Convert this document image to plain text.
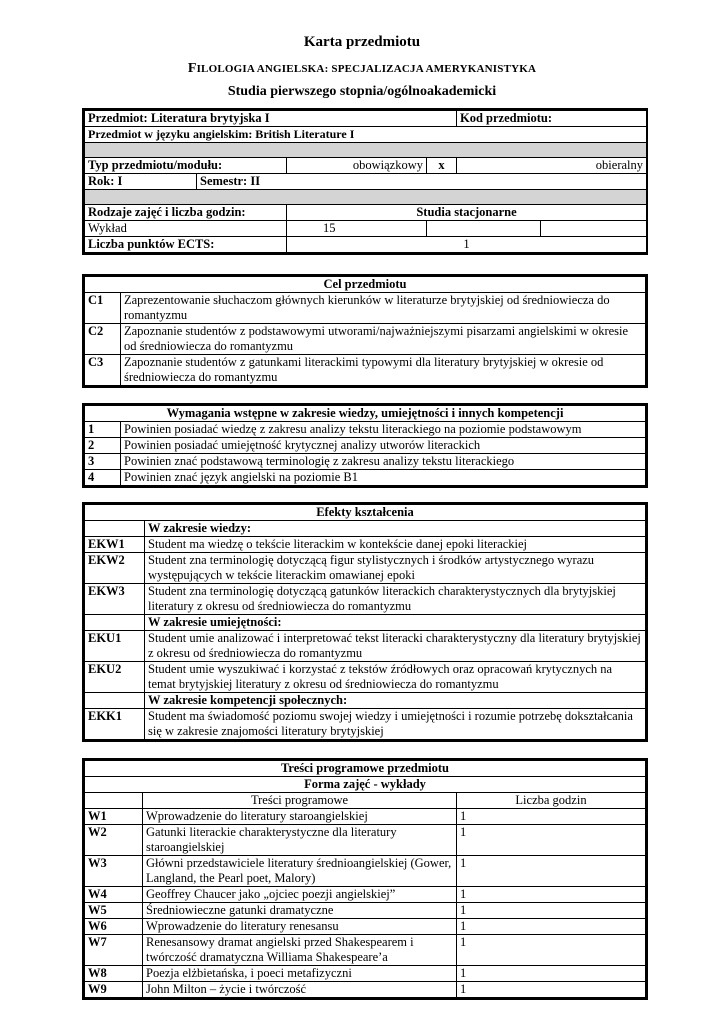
Karta przedmiotu
FILOLOGIA ANGIELSKA: SPECJALIZACJA AMERYKANISTYKA
Studia pierwszego stopnia/ogólnoakademicki
Przedmiot: Literatura brytyjska I				Kod przedmiotu:	
Przedmiot w języku angielskim: British Literature I					

Typ przedmiotu/modułu:		obowiązkowy	x	obieralny	
Rok: I	Semestr: II				

Rodzaje zajęć i liczba godzin:		Studia stacjonarne			
Wykład		15			
Liczba punktów ECTS:		1			
Cel przedmiotu	
C1	Zaprezentowanie słuchaczom głównych kierunków w literaturze brytyjskiej od średniowiecza do romantyzmu
C2	Zapoznanie studentów z podstawowymi utworami/najważniejszymi pisarzami angielskimi w okresie od średniowiecza do romantyzmu
C3	Zapoznanie studentów z gatunkami literackimi typowymi dla literatury brytyjskiej w okresie od średniowiecza do romantyzmu
Wymagania wstępne w zakresie wiedzy, umiejętności i innych kompetencji	
1	Powinien posiadać wiedzę z zakresu analizy tekstu literackiego na poziomie podstawowym
2	Powinien posiadać umiejętność krytycznej analizy utworów literackich
3	Powinien znać podstawową terminologię z zakresu analizy tekstu literackiego
4	Powinien znać język angielski na poziomie B1
Efekty kształcenia	
	W zakresie wiedzy:
EKW1	Student ma wiedzę o tekście literackim w kontekście danej epoki literackiej
EKW2	Student zna terminologię dotyczącą figur stylistycznych i środków artystycznego wyrazu występujących w tekście literackim omawianej epoki
EKW3	Student zna terminologię dotyczącą gatunków literackich charakterystycznych dla brytyjskiej literatury z okresu od średniowiecza do romantyzmu
	W zakresie umiejętności:
EKU1	Student umie analizować i interpretować tekst literacki charakterystyczny dla literatury brytyjskiej z okresu od średniowiecza do romantyzmu
EKU2	Student umie wyszukiwać i korzystać z tekstów źródłowych oraz opracowań krytycznych na temat brytyjskiej literatury z okresu od średniowiecza do romantyzmu
	W zakresie kompetencji społecznych:
EKK1	Student ma świadomość poziomu swojej wiedzy i umiejętności i rozumie potrzebę dokształcania się w zakresie znajomości literatury brytyjskiej
Treści programowe przedmiotu		
Forma zajęć - wykłady		
	Treści programowe	Liczba godzin
W1	Wprowadzenie do literatury staroangielskiej	1
W2	Gatunki literackie charakterystyczne dla literatury staroangielskiej	1
W3	Główni przedstawiciele literatury średnioangielskiej (Gower, Langland, the Pearl poet, Malory)	1
W4	Geoffrey Chaucer jako „ojciec poezji angielskiej”	1
W5	Średniowieczne gatunki dramatyczne	1
W6	Wprowadzenie do literatury renesansu	1
W7	Renesansowy dramat angielski przed Shakespearem i twórczość dramatyczna Williama Shakespeare’a	1
W8	Poezja elżbietańska, i poeci metafizyczni	1
W9	John Milton – życie i twórczość	1
